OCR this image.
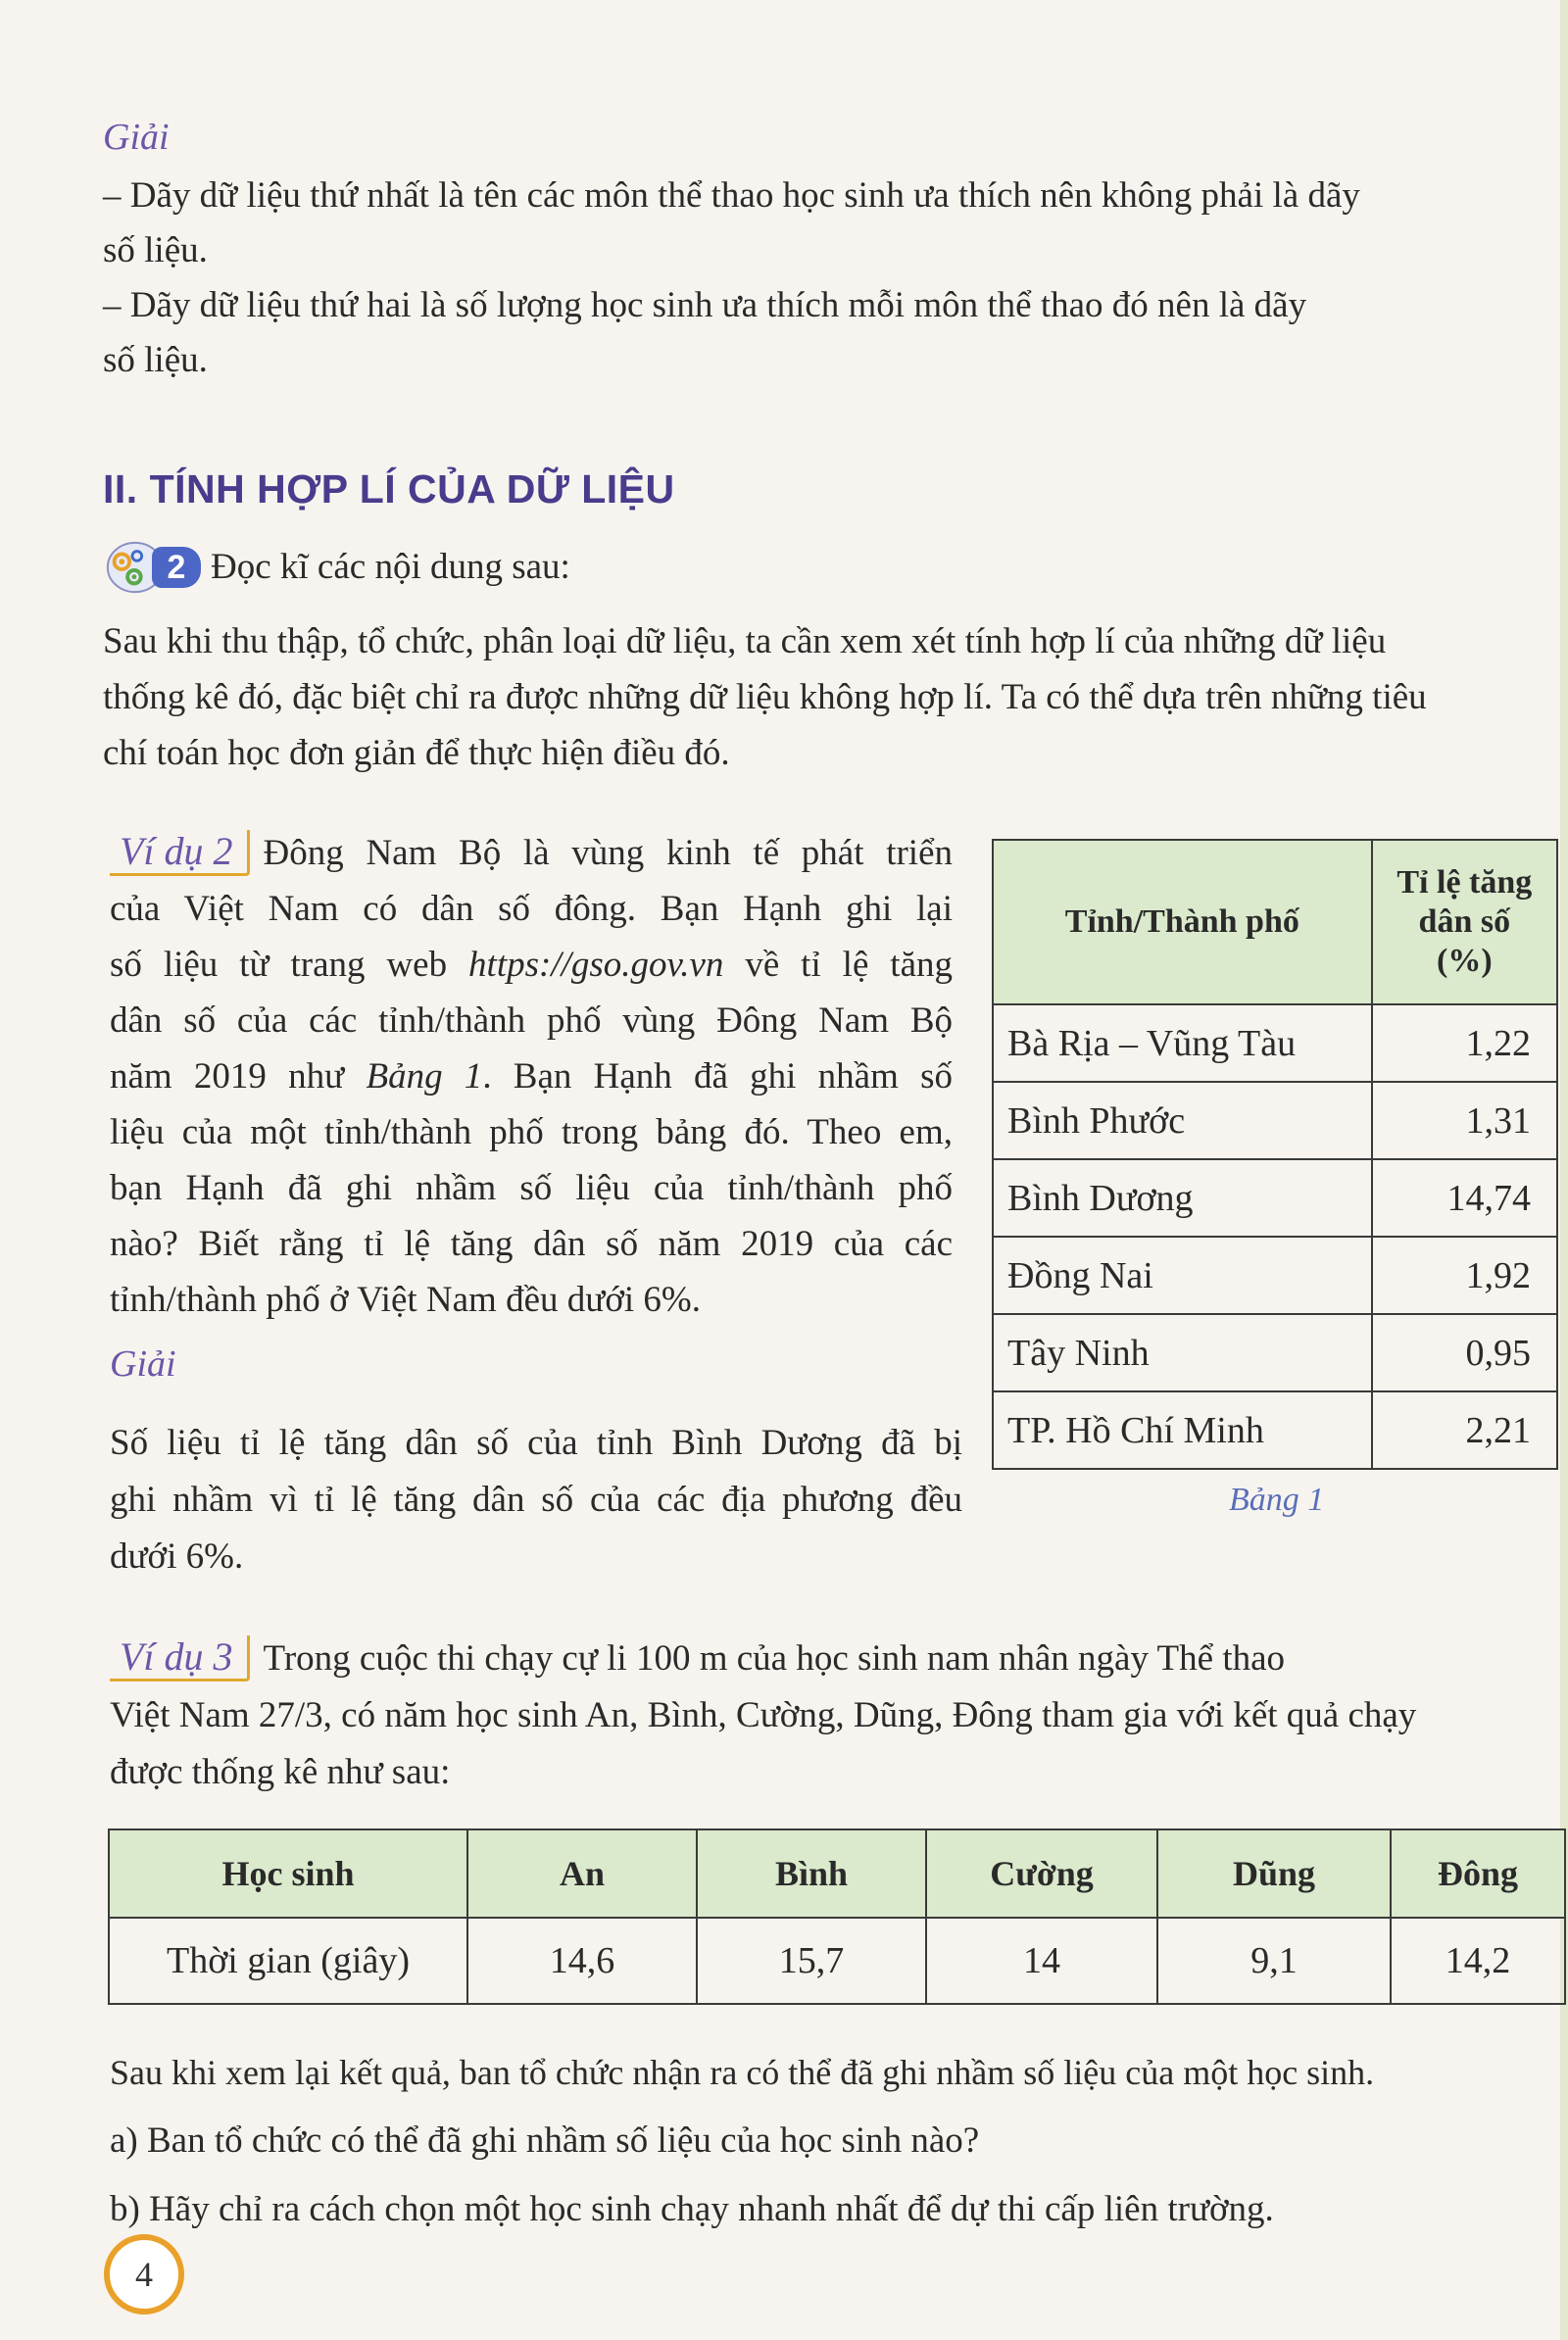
Giải

– Dãy dữ liệu thứ nhất là tên các môn thể thao học sinh ưa thích nên không phải là dãy

số liệu.

– Dãy dữ liệu thứ hai là số lượng học sinh ưa thích mỗi môn thể thao đó nên là dãy

số liệu.

II. TÍNH HỢP LÍ CỦA DỮ LIỆU
2 Đọc kĩ các nội dung sau:

Sau khi thu thập, tổ chức, phân loại dữ liệu, ta cần xem xét tính hợp lí của những dữ liệu

thống kê đó, đặc biệt chỉ ra được những dữ liệu không hợp lí. Ta có thể dựa trên những tiêu

chí toán học đơn giản để thực hiện điều đó.

Ví dụ 2 Đông Nam Bộ là vùng kinh tế phát triển
của Việt Nam có dân số đông. Bạn Hạnh ghi lại
số liệu từ trang web https://gso.gov.vn về tỉ lệ tăng
dân số của các tỉnh/thành phố vùng Đông Nam Bộ
năm 2019 như Bảng 1. Bạn Hạnh đã ghi nhầm số
liệu của một tỉnh/thành phố trong bảng đó. Theo em,
bạn Hạnh đã ghi nhầm số liệu của tỉnh/thành phố
nào? Biết rằng tỉ lệ tăng dân số năm 2019 của các
tỉnh/thành phố ở Việt Nam đều dưới 6%.
Giải
Số liệu tỉ lệ tăng dân số của tỉnh Bình Dương đã bị
ghi nhầm vì tỉ lệ tăng dân số của các địa phương đều
dưới 6%.
Tỉnh/Thành phố	Tỉ lệ tăng
dân số
(%)
Bà Rịa – Vũng Tàu	1,22
Bình Phước	1,31
Bình Dương	14,74
Đồng Nai	1,92
Tây Ninh	0,95
TP. Hồ Chí Minh	2,21
Bảng 1
Ví dụ 3 Trong cuộc thi chạy cự li 100 m của học sinh nam nhân ngày Thể thao
Việt Nam 27/3, có năm học sinh An, Bình, Cường, Dũng, Đông tham gia với kết quả chạy
được thống kê như sau:
Học sinh	An	Bình	Cường	Dũng	Đông
Thời gian (giây)	14,6	15,7	14	9,1	14,2
Sau khi xem lại kết quả, ban tổ chức nhận ra có thể đã ghi nhầm số liệu của một học sinh.
a) Ban tổ chức có thể đã ghi nhầm số liệu của học sinh nào?
b) Hãy chỉ ra cách chọn một học sinh chạy nhanh nhất để dự thi cấp liên trường.
4
